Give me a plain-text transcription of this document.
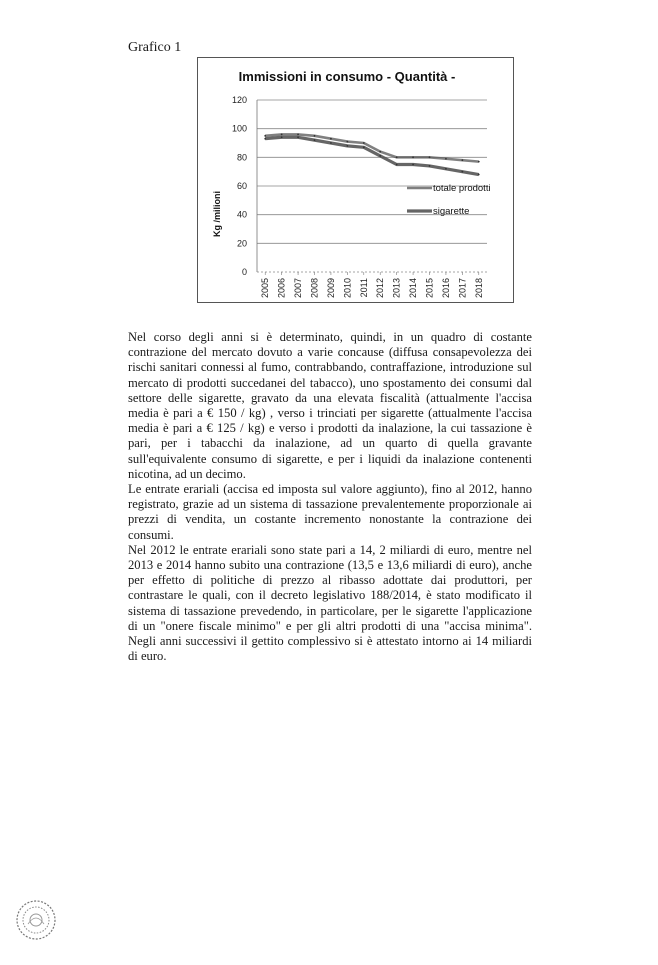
Grafico 1
Immissioni in consumo - Quantità -
Kg /milioni
0
20
40
60
80
100
120
2005 2006 2007 2008 2009 2010 2011 2012 2013 2014 2015 2016 2017 2018
totale prodotti
sigarette

Nel corso degli anni si è determinato, quindi, in un quadro di costante contrazione del mercato dovuto a varie concause (diffusa consapevolezza dei rischi sanitari connessi al fumo, contrabbando, contraffazione, introduzione sul mercato di prodotti succedanei del tabacco), uno spostamento dei consumi dal settore delle sigarette, gravato da una elevata fiscalità (attualmente l'accisa media è pari a € 150 / kg) , verso i trinciati per sigarette (attualmente l'accisa media è pari a € 125 / kg) e verso i prodotti da inalazione, la cui tassazione è pari, per i tabacchi da inalazione, ad un quarto di quella gravante sull'equivalente consumo di sigarette, e per i liquidi da inalazione contenenti nicotina, ad un decimo.

Le entrate erariali (accisa ed imposta sul valore aggiunto), fino al 2012, hanno registrato, grazie ad un sistema di tassazione prevalentemente proporzionale ai prezzi di vendita, un costante incremento nonostante la contrazione dei consumi.

Nel 2012 le entrate erariali sono state pari a 14, 2 miliardi di euro, mentre nel 2013 e 2014 hanno subito una contrazione (13,5 e 13,6 miliardi di euro), anche per effetto di politiche di prezzo al ribasso adottate dai produttori, per contrastare le quali, con il decreto legislativo 188/2014, è stato modificato il sistema di tassazione prevedendo, in particolare, per le sigarette l'applicazione di un "onere fiscale minimo" e per gli altri prodotti di una "accisa minima". Negli anni successivi il gettito complessivo si è attestato intorno ai 14 miliardi di euro.
